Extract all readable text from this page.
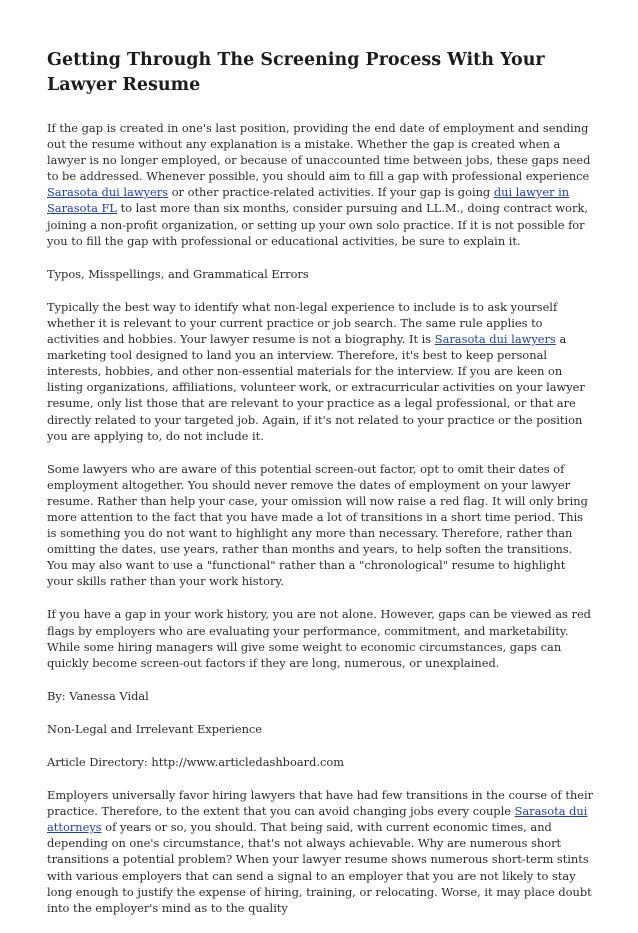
Getting Through The Screening Process With Your Lawyer Resume

If the gap is created in one's last position, providing the end date of employment and sending out the resume without any explanation is a mistake. Whether the gap is created when a lawyer is no longer employed, or because of unaccounted time between jobs, these gaps need to be addressed. Whenever possible, you should aim to fill a gap with professional experience Sarasota dui lawyers or other practice-related activities. If your gap is going dui lawyer in Sarasota FL to last more than six months, consider pursuing and LL.M., doing contract work, joining a non-profit organization, or setting up your own solo practice. If it is not possible for you to fill the gap with professional or educational activities, be sure to explain it.

Typos, Misspellings, and Grammatical Errors

Typically the best way to identify what non-legal experience to include is to ask yourself whether it is relevant to your current practice or job search. The same rule applies to activities and hobbies. Your lawyer resume is not a biography. It is Sarasota dui lawyers a marketing tool designed to land you an interview. Therefore, it's best to keep personal interests, hobbies, and other non-essential materials for the interview. If you are keen on listing organizations, affiliations, volunteer work, or extracurricular activities on your lawyer resume, only list those that are relevant to your practice as a legal professional, or that are directly related to your targeted job. Again, if it's not related to your practice or the position you are applying to, do not include it.

Some lawyers who are aware of this potential screen-out factor, opt to omit their dates of employment altogether. You should never remove the dates of employment on your lawyer resume. Rather than help your case, your omission will now raise a red flag. It will only bring more attention to the fact that you have made a lot of transitions in a short time period. This is something you do not want to highlight any more than necessary. Therefore, rather than omitting the dates, use years, rather than months and years, to help soften the transitions. You may also want to use a "functional" rather than a "chronological" resume to highlight your skills rather than your work history.

If you have a gap in your work history, you are not alone. However, gaps can be viewed as red flags by employers who are evaluating your performance, commitment, and marketability. While some hiring managers will give some weight to economic circumstances, gaps can quickly become screen-out factors if they are long, numerous, or unexplained.

By: Vanessa Vidal

Non-Legal and Irrelevant Experience

Article Directory: http://www.articledashboard.com

Employers universally favor hiring lawyers that have had few transitions in the course of their practice. Therefore, to the extent that you can avoid changing jobs every couple Sarasota dui attorneys of years or so, you should. That being said, with current economic times, and depending on one's circumstance, that's not always achievable. Why are numerous short transitions a potential problem? When your lawyer resume shows numerous short-term stints with various employers that can send a signal to an employer that you are not likely to stay long enough to justify the expense of hiring, training, or relocating. Worse, it may place doubt into the employer's mind as to the quality
